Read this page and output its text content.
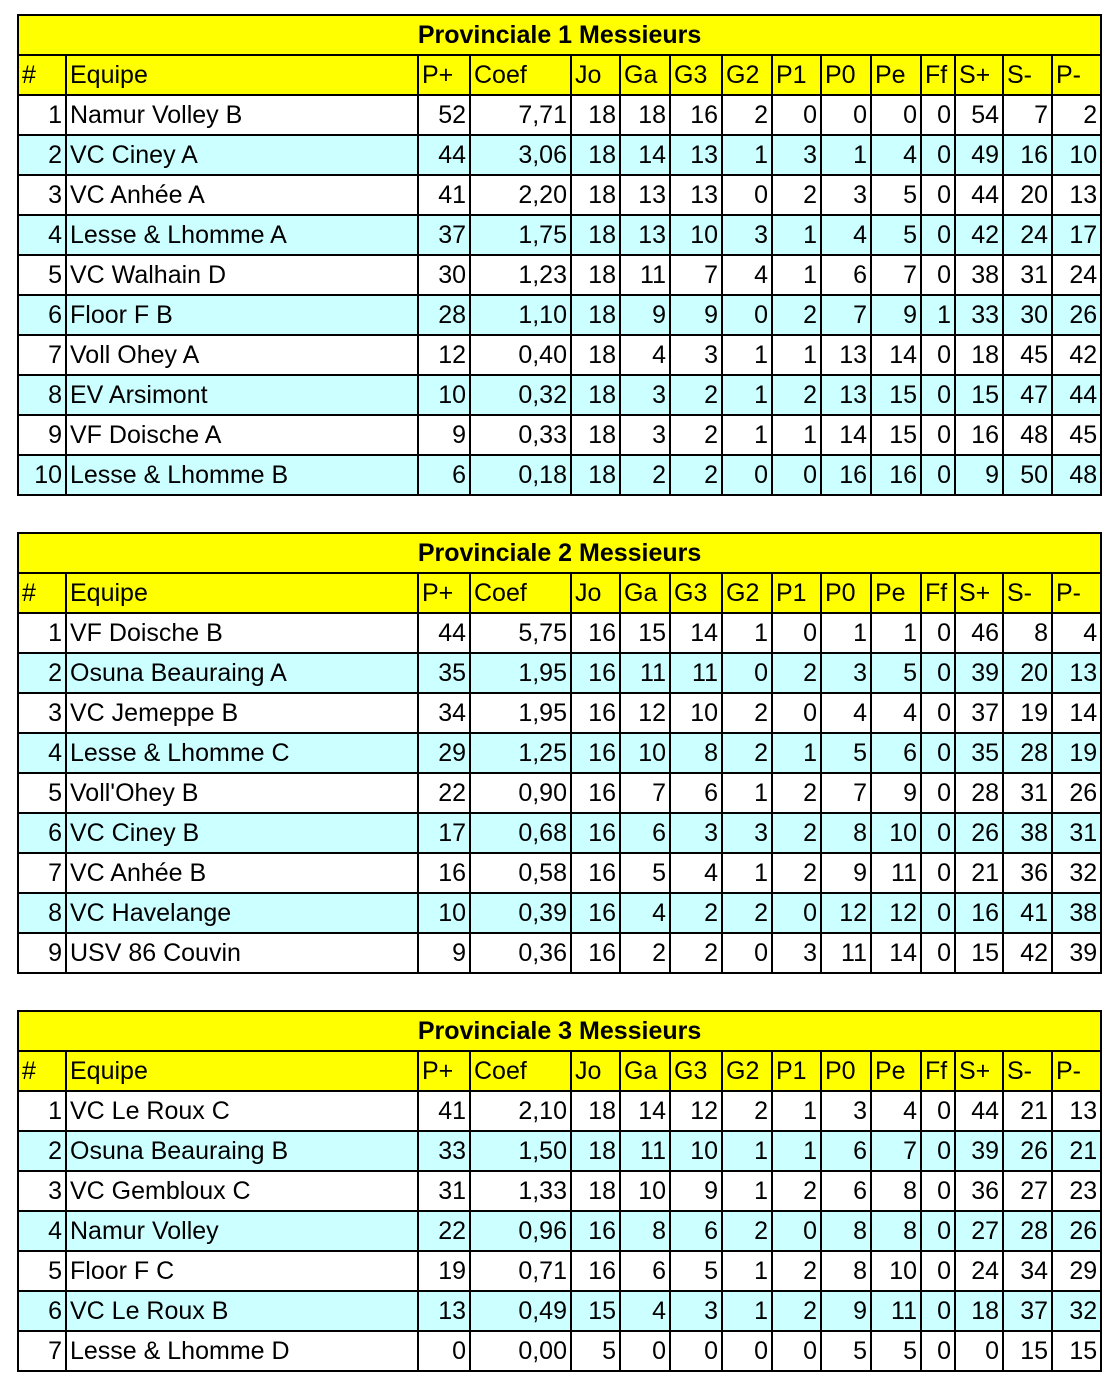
Provinciale 1 Messieurs														
#	Equipe	P+	Coef	Jo	Ga	G3	G2	P1	P0	Pe	Ff	S+	S-	P-
1	Namur Volley B	52	7,71	18	18	16	2	0	0	0	0	54	7	2
2	VC Ciney A	44	3,06	18	14	13	1	3	1	4	0	49	16	10
3	VC Anhée A	41	2,20	18	13	13	0	2	3	5	0	44	20	13
4	Lesse & Lhomme A	37	1,75	18	13	10	3	1	4	5	0	42	24	17
5	VC Walhain D	30	1,23	18	11	7	4	1	6	7	0	38	31	24
6	Floor F B	28	1,10	18	9	9	0	2	7	9	1	33	30	26
7	Voll Ohey A	12	0,40	18	4	3	1	1	13	14	0	18	45	42
8	EV Arsimont	10	0,32	18	3	2	1	2	13	15	0	15	47	44
9	VF Doische A	9	0,33	18	3	2	1	1	14	15	0	16	48	45
10	Lesse & Lhomme B	6	0,18	18	2	2	0	0	16	16	0	9	50	48
Provinciale 2 Messieurs														
#	Equipe	P+	Coef	Jo	Ga	G3	G2	P1	P0	Pe	Ff	S+	S-	P-
1	VF Doische B	44	5,75	16	15	14	1	0	1	1	0	46	8	4
2	Osuna Beauraing A	35	1,95	16	11	11	0	2	3	5	0	39	20	13
3	VC Jemeppe B	34	1,95	16	12	10	2	0	4	4	0	37	19	14
4	Lesse & Lhomme C	29	1,25	16	10	8	2	1	5	6	0	35	28	19
5	Voll'Ohey B	22	0,90	16	7	6	1	2	7	9	0	28	31	26
6	VC Ciney B	17	0,68	16	6	3	3	2	8	10	0	26	38	31
7	VC Anhée B	16	0,58	16	5	4	1	2	9	11	0	21	36	32
8	VC Havelange	10	0,39	16	4	2	2	0	12	12	0	16	41	38
9	USV 86 Couvin	9	0,36	16	2	2	0	3	11	14	0	15	42	39
Provinciale 3 Messieurs														
#	Equipe	P+	Coef	Jo	Ga	G3	G2	P1	P0	Pe	Ff	S+	S-	P-
1	VC Le Roux C	41	2,10	18	14	12	2	1	3	4	0	44	21	13
2	Osuna Beauraing B	33	1,50	18	11	10	1	1	6	7	0	39	26	21
3	VC Gembloux C	31	1,33	18	10	9	1	2	6	8	0	36	27	23
4	Namur Volley	22	0,96	16	8	6	2	0	8	8	0	27	28	26
5	Floor F C	19	0,71	16	6	5	1	2	8	10	0	24	34	29
6	VC Le Roux B	13	0,49	15	4	3	1	2	9	11	0	18	37	32
7	Lesse & Lhomme D	0	0,00	5	0	0	0	0	5	5	0	0	15	15
